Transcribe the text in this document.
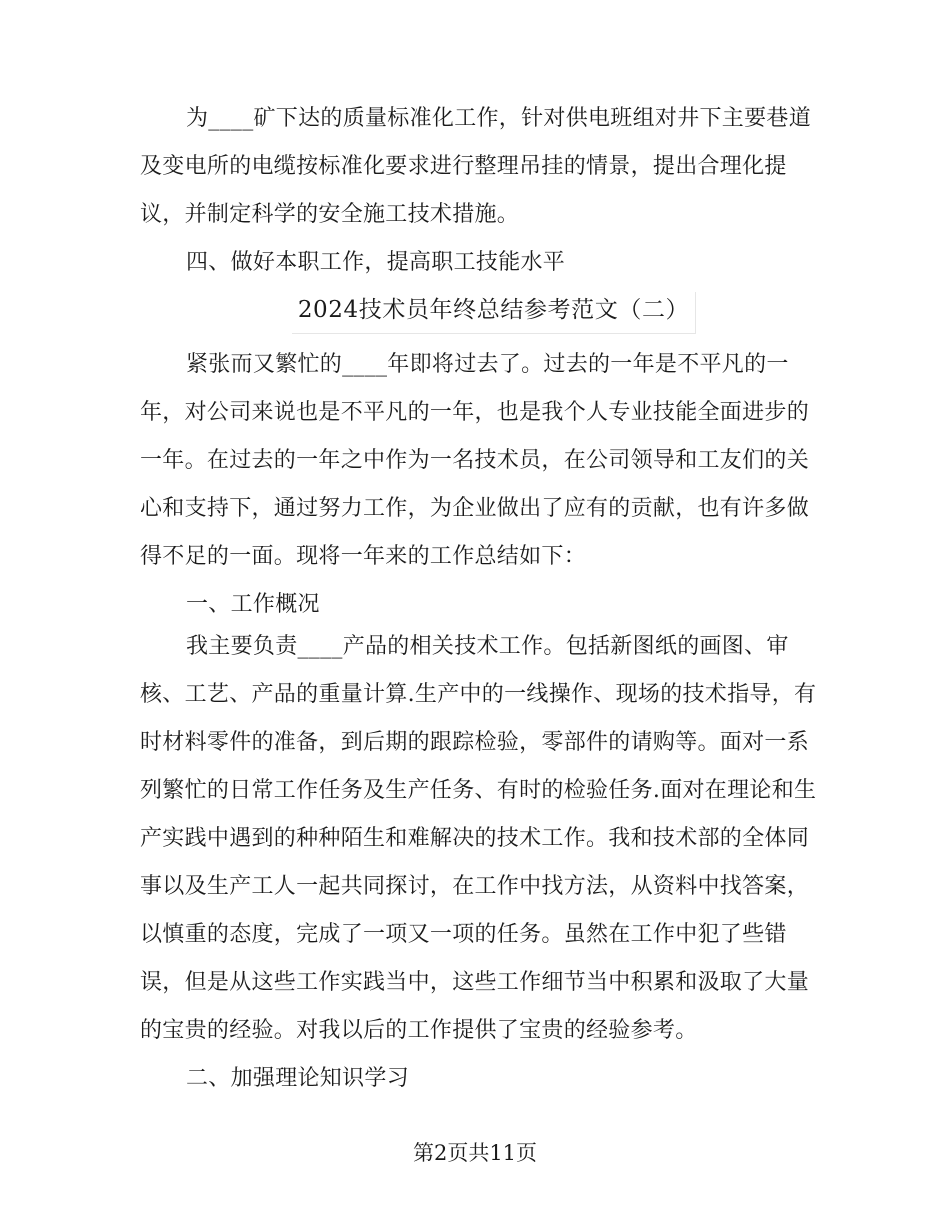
为____矿下达的质量标准化工作，针对供电班组对井下主要巷道
及变电所的电缆按标准化要求进行整理吊挂的情景，提出合理化提
议，并制定科学的安全施工技术措施。
四、做好本职工作，提高职工技能水平
2024技术员年终总结参考范文（二）
紧张而又繁忙的____年即将过去了。过去的一年是不平凡的一
年，对公司来说也是不平凡的一年，也是我个人专业技能全面进步的
一年。在过去的一年之中作为一名技术员，在公司领导和工友们的关
心和支持下，通过努力工作，为企业做出了应有的贡献，也有许多做
得不足的一面。现将一年来的工作总结如下：
一、工作概况
我主要负责____产品的相关技术工作。包括新图纸的画图、审
核、工艺、产品的重量计算.生产中的一线操作、现场的技术指导，有
时材料零件的准备，到后期的跟踪检验，零部件的请购等。面对一系
列繁忙的日常工作任务及生产任务、有时的检验任务.面对在理论和生
产实践中遇到的种种陌生和难解决的技术工作。我和技术部的全体同
事以及生产工人一起共同探讨，在工作中找方法，从资料中找答案，
以慎重的态度，完成了一项又一项的任务。虽然在工作中犯了些错
误，但是从这些工作实践当中，这些工作细节当中积累和汲取了大量
的宝贵的经验。对我以后的工作提供了宝贵的经验参考。
二、加强理论知识学习
第2页共11页
